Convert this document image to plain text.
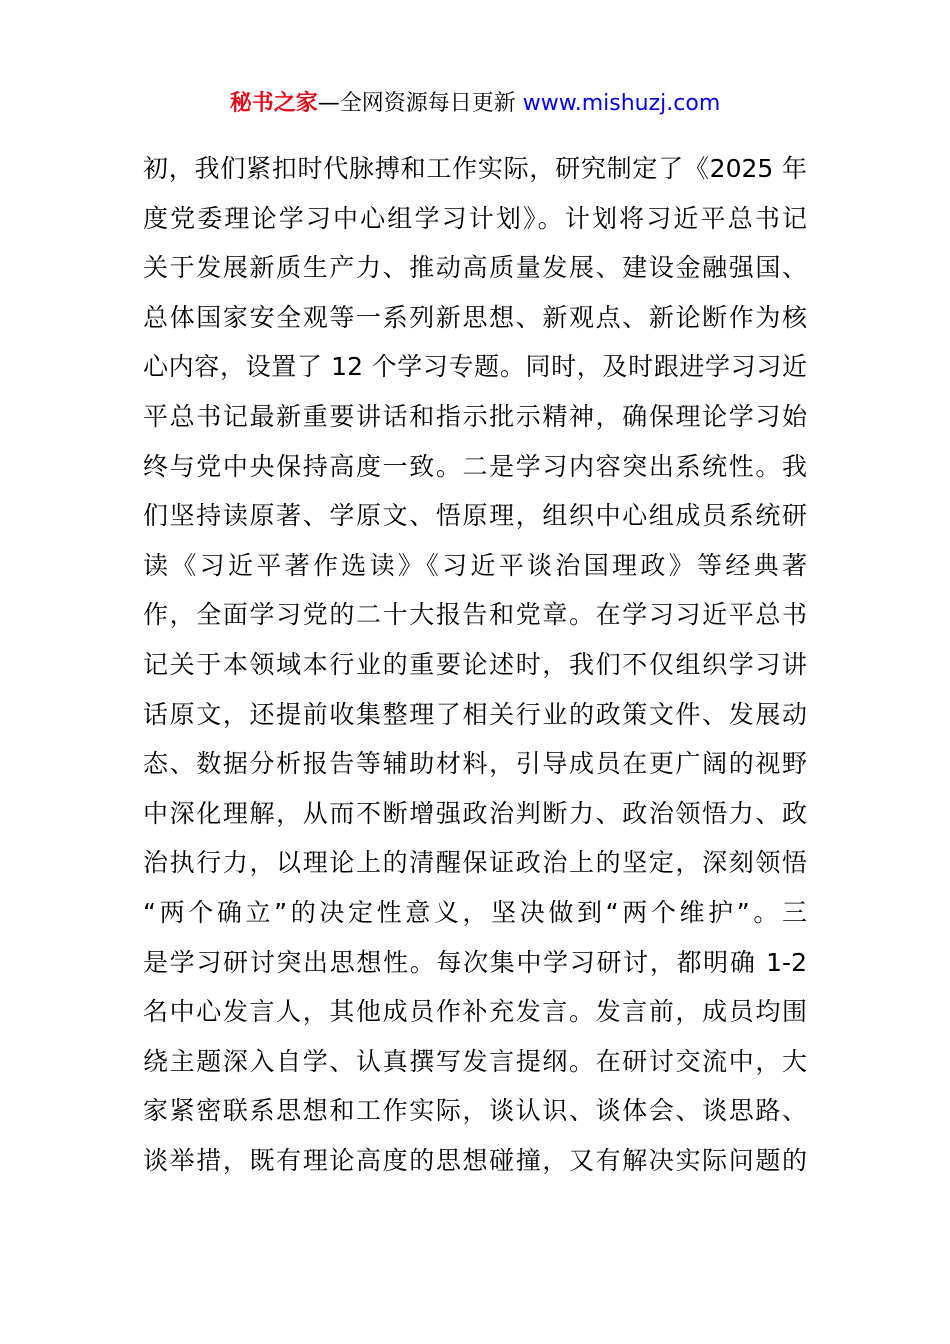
秘书之家—全网资源每日更新 www.mishuzj.com
初，我们紧扣时代脉搏和工作实际，研究制定了《2025 年
度党委理论学习中心组学习计划》。计划将习近平总书记
关于发展新质生产力、推动高质量发展、建设金融强国、
总体国家安全观等一系列新思想、新观点、新论断作为核
心内容，设置了 12 个学习专题。同时，及时跟进学习习近
平总书记最新重要讲话和指示批示精神，确保理论学习始
终与党中央保持高度一致。二是学习内容突出系统性。我
们坚持读原著、学原文、悟原理，组织中心组成员系统研
读《习近平著作选读》《习近平谈治国理政》等经典著
作，全面学习党的二十大报告和党章。在学习习近平总书
记关于本领域本行业的重要论述时，我们不仅组织学习讲
话原文，还提前收集整理了相关行业的政策文件、发展动
态、数据分析报告等辅助材料，引导成员在更广阔的视野
中深化理解，从而不断增强政治判断力、政治领悟力、政
治执行力，以理论上的清醒保证政治上的坚定，深刻领悟
“两个确立”的决定性意义，坚决做到“两个维护”。三
是学习研讨突出思想性。每次集中学习研讨，都明确 1-2
名中心发言人，其他成员作补充发言。发言前，成员均围
绕主题深入自学、认真撰写发言提纲。在研讨交流中，大
家紧密联系思想和工作实际，谈认识、谈体会、谈思路、
谈举措，既有理论高度的思想碰撞，又有解决实际问题的
